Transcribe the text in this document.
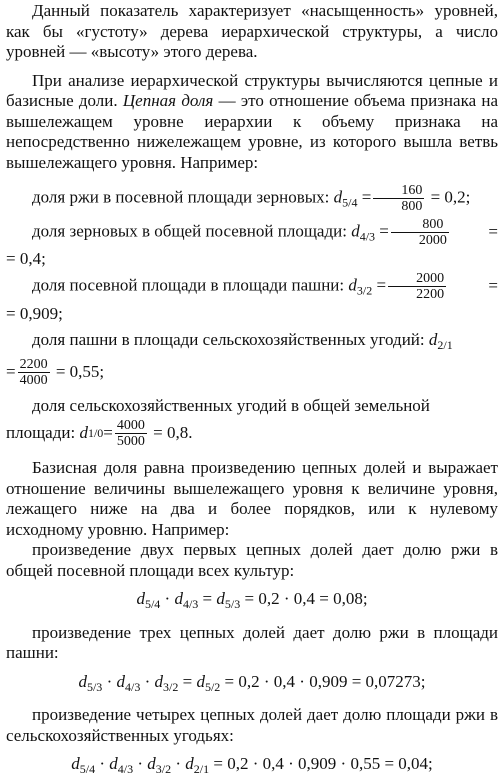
Данный показатель характеризует «насыщенность» уровней, как бы «густоту» дерева иерархической структуры, а число уровней — «высоту» этого дерева.

При анализе иерархической структуры вычисляются цепные и базисные доли. Цепная доля — это отношение объема признака на вышележащем уровне иерархии к объему признака на непосредственно нижележащем уровне, из которого вышла ветвь вышележащего уровня. Например:

доля ржи в посевной площади зерновых: $d_{5/4} = \frac{160}{800} = 0,2$;
доля зерновых в общей посевной площади: $d_{4/3} = \frac{800}{2000}$ =

= 0,4;

доля посевной площади в площади пашни: $d_{3/2} = \frac{2000}{2200}$ =

= 0,909;

доля пашни в площади сельскохозяйственных угодий: $d_{2/1}$

= $\frac{2200}{4000}$
= 0,55;

доля сельскохозяйственных угодий в общей земельной

площади:
d $1/0 = \frac{4000}{5000}$
= 0,8.

Базисная доля равна произведению цепных долей и выражает отношение величины вышележащего уровня к величине уровня, лежащего ниже на два и более порядков, или к нулевому исходному уровню. Например:

произведение двух первых цепных долей дает долю ржи в общей посевной площади всех культур:

$d_{5/4} \cdot d_{4/3} = d_{5/3} = 0,2 \cdot 0,4 = 0,08$;

произведение трех цепных долей дает долю ржи в площади пашни:

$d_{5/3} \cdot d_{4/3} \cdot d_{3/2} = d_{5/2} = 0,2 \cdot 0,4 \cdot 0,909 = 0,07273$;

произведение четырех цепных долей дает долю площади ржи в сельскохозяйственных угодьях:

$d_{5/4} \cdot d_{4/3} \cdot d_{3/2} \cdot d_{2/1} = 0,2 \cdot 0,4 \cdot 0,909 \cdot 0,55 = 0,04$;
